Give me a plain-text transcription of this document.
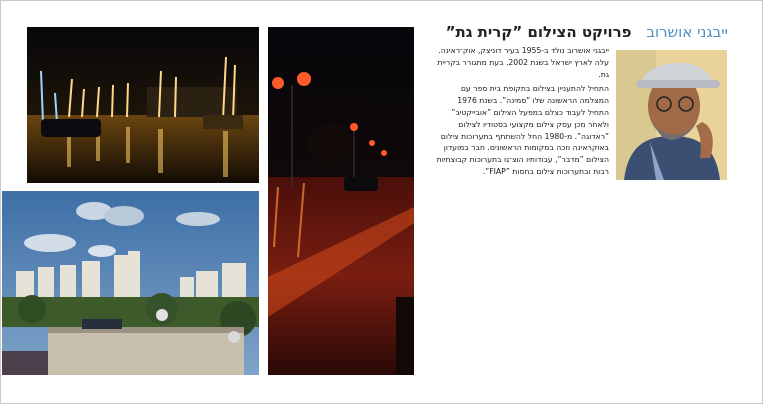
ייבגני אושרוב פרויקט הצילום ”קרית גת”

ייבגני אושרוב נולד ב-1955 בעיר דוניצק, אוק־ראינה. עלה לארץ ישראל בשנת 2002. בעת מתגורר בקריית גת.

התחיל להתעניין בצילום בתקופת בית ספר עם המצלמה הראשונה שלו ”סמינה”. בשנת 1976 התחיל לעבוד כצלם במפעל הצילום ”אובייקטיב” ולאחר מכן עסק צילום מקצועי בסטודיו לצילום ”ראדוגה”. מ-1980 החל להשתתף בתערוכות צילום באוקראינה וזכה במקומות הראשונים. חבר במועדון הצילום ”מדבר”, עבודותיו הוצ־גו בתערוכות קבוצתיות רבות ובתערוכות צילום בחסות ”FIAP”.
